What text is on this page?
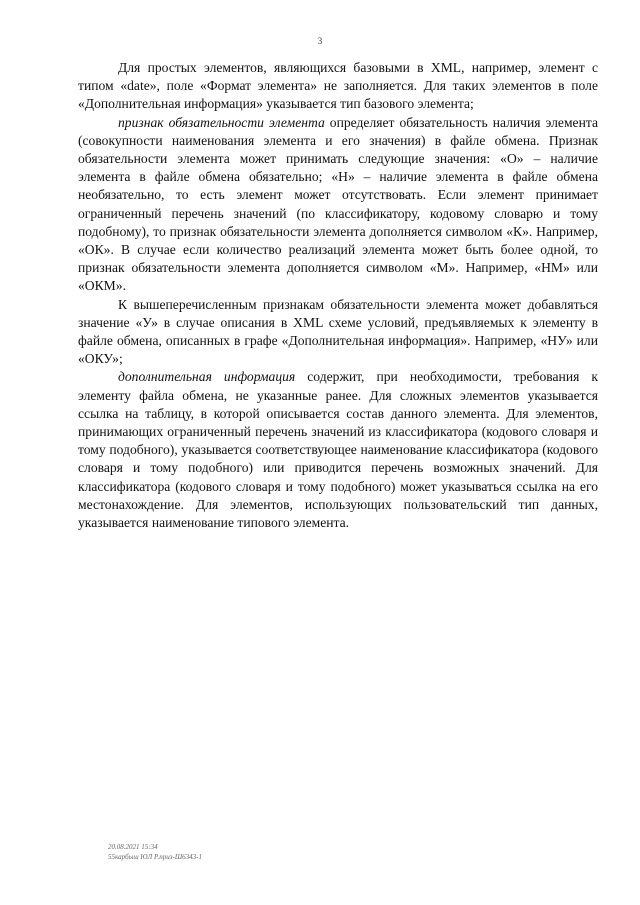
3

Для простых элементов, являющихся базовыми в XML, например, элемент с типом «date», поле «Формат элемента» не заполняется. Для таких элементов в поле «Дополнительная информация» указывается тип базового элемента;

признак обязательности элемента определяет обязательность наличия элемента (совокупности наименования элемента и его значения) в файле обмена. Признак обязательности элемента может принимать следующие значения: «О» – наличие элемента в файле обмена обязательно; «Н» – наличие элемента в файле обмена необязательно, то есть элемент может отсутствовать. Если элемент принимает ограниченный перечень значений (по классификатору, кодовому словарю и тому подобному), то признак обязательности элемента дополняется символом «К». Например, «ОК». В случае если количество реализаций элемента может быть более одной, то признак обязательности элемента дополняется символом «М». Например, «НМ» или «ОКМ».

К вышеперечисленным признакам обязательности элемента может добавляться значение «У» в случае описания в XML схеме условий, предъявляемых к элементу в файле обмена, описанных в графе «Дополнительная информация». Например, «НУ» или «ОКУ»;

дополнительная информация содержит, при необходимости, требования к элементу файла обмена, не указанные ранее. Для сложных элементов указывается ссылка на таблицу, в которой описывается состав данного элемента. Для элементов, принимающих ограниченный перечень значений из классификатора (кодового словаря и тому подобного), указывается соответствующее наименование классификатора (кодового словаря и тому подобного) или приводится перечень возможных значений. Для классификатора (кодового словаря и тому подобного) может указываться ссылка на его местонахождение. Для элементов, использующих пользовательский тип данных, указывается наименование типового элемента.

20.08.2021 15:34
55карбыш ЮЛ Р.приз-Ш6343-1
